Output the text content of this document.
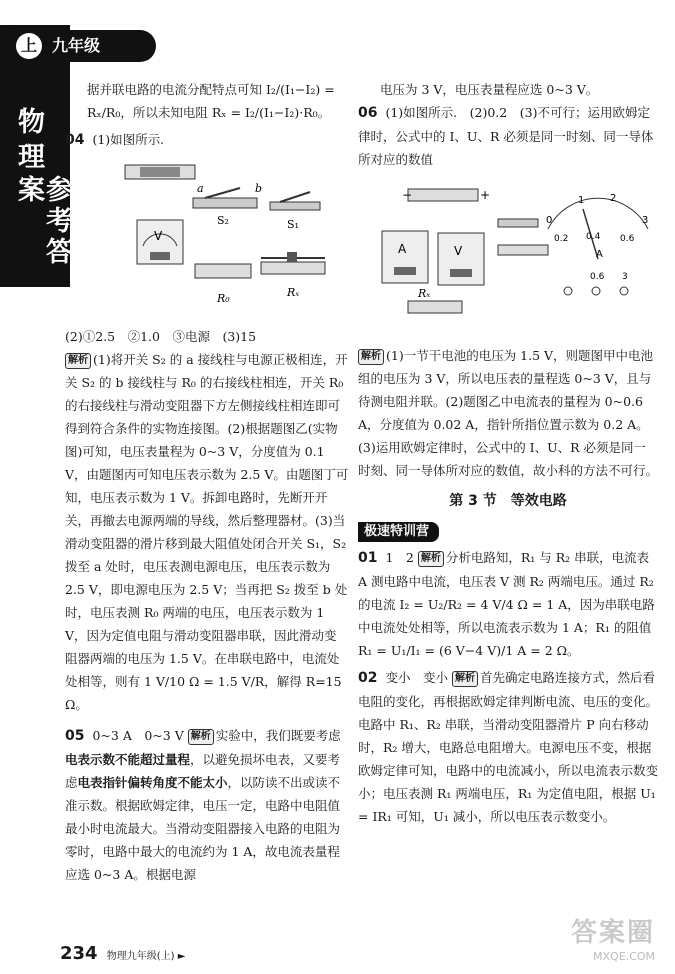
物理
参考答案
上 九年级

据并联电路的电流分配特点可知 I₂/(I₁−I₂) = Rₓ/R₀，所以未知电阻 Rₓ = I₂/(I₁−I₂)·R₀。

04 (1)如图所示.

a	b
S₂	S₁
V
R₀	Rₓ

(2)①2.5　②1.0　③电源　(3)15

解析 (1)将开关 S₂ 的 a 接线柱与电源正极相连，开关 S₂ 的 b 接线柱与 R₀ 的右接线柱相连，开关 R₀ 的右接线柱与滑动变阻器下方左侧接线柱相连即可得到符合条件的实物连接图。(2)根据题图乙(实物图)可知，电压表量程为 0~3 V，分度值为 0.1 V，由题图丙可知电压表示数为 2.5 V。由题图丁可知，电压表示数为 1 V。拆卸电路时，先断开开关，再撤去电源两端的导线，然后整理器材。(3)当滑动变阻器的滑片移到最大阻值处闭合开关 S₁，S₂ 拨至 a 处时，电压表测电源电压，电压表示数为 2.5 V，即电源电压为 2.5 V；当再把 S₂ 拨至 b 处时，电压表测 R₀ 两端的电压，电压表示数为 1 V，因为定值电阻与滑动变阻器串联，因此滑动变阻器两端的电压为 1.5 V。在串联电路中，电流处处相等，则有 1 V/10 Ω = 1.5 V/R，解得 R=15 Ω。

05 0~3 A　0~3 V 解析 实验中，我们既要考虑电表示数不能超过量程，以避免损坏电表，又要考虑电表指针偏转角度不能太小，以防读不出或读不准示数。根据欧姆定律，电压一定，电路中电阻值最小时电流最大。当滑动变阻器接入电路的电阻为零时，电路中最大的电流约为 1 A，故电流表量程应选 0~3 A。根据电源

电压为 3 V，电压表量程应选 0~3 V。

06 (1)如图所示.　(2)0.2　(3)不可行；运用欧姆定律时，公式中的 I、U、R 必须是同一时刻、同一导体所对应的数值

−	+
A	V
Rₓ
0
1	2
3
0.2 0.4 0.6
A
0.6 3

解析 (1)一节干电池的电压为 1.5 V，则题图甲中电池组的电压为 3 V，所以电压表的量程选 0~3 V，且与待测电阻并联。(2)题图乙中电流表的量程为 0~0.6 A，分度值为 0.02 A，指针所指位置示数为 0.2 A。(3)运用欧姆定律时，公式中的 I、U、R 必须是同一时刻、同一导体所对应的数值，故小科的方法不可行。

第 3 节　等效电路
极速特训营

01 1　2 解析 分析电路知，R₁ 与 R₂ 串联，电流表 A 测电路中电流，电压表 V 测 R₂ 两端电压。通过 R₂ 的电流 I₂ = U₂/R₂ = 4 V/4 Ω = 1 A，因为串联电路中电流处处相等，所以电流表示数为 1 A；R₁ 的阻值 R₁ = U₁/I₁ = (6 V−4 V)/1 A = 2 Ω。

02 变小　变小 解析 首先确定电路连接方式，然后看电阻的变化，再根据欧姆定律判断电流、电压的变化。电路中 R₁、R₂ 串联，当滑动变阻器滑片 P 向右移动时，R₂ 增大，电路总电阻增大。电源电压不变，根据欧姆定律可知，电路中的电流减小，所以电流表示数变小；电压表测 R₁ 两端电压，R₁ 为定值电阻，根据 U₁ = IR₁ 可知，U₁ 减小，所以电压表示数变小。

234 物理九年级(上) ►
答案圈
MXQE.COM
